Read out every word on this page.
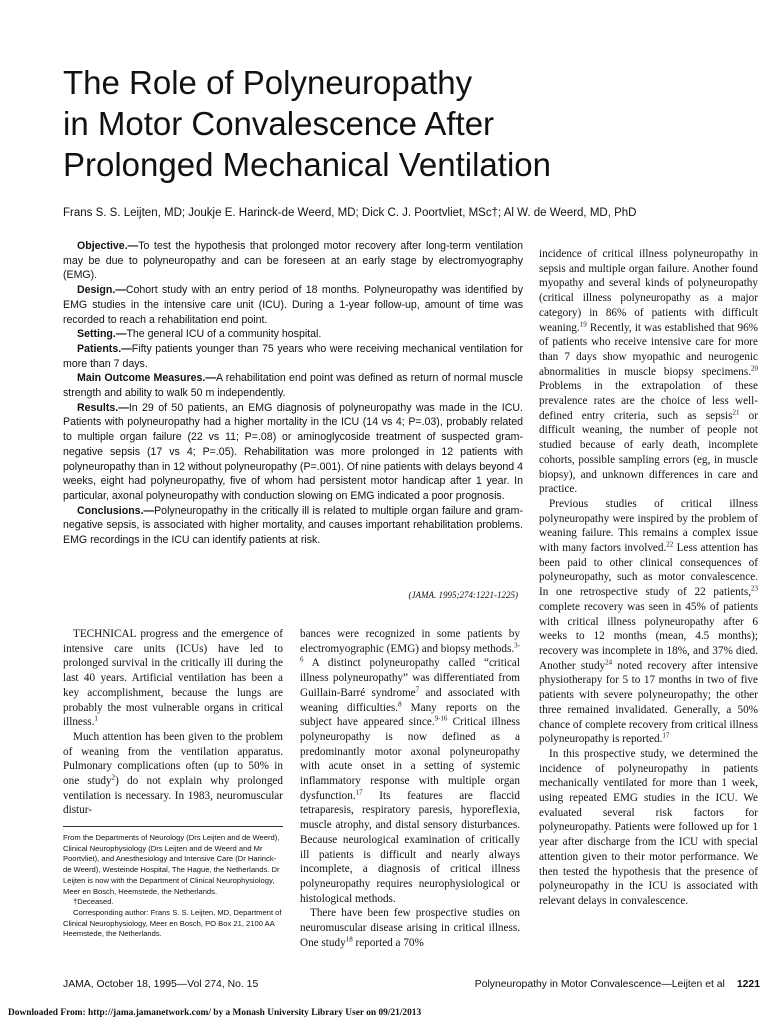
The Role of Polyneuropathy
in Motor Convalescence After
Prolonged Mechanical Ventilation
Frans S. S. Leijten, MD; Joukje E. Harinck-de Weerd, MD; Dick C. J. Poortvliet, MSc†; Al W. de Weerd, MD, PhD

Objective.—To test the hypothesis that prolonged motor recovery after long-term ventilation may be due to polyneuropathy and can be foreseen at an early stage by electromyography (EMG).

Design.—Cohort study with an entry period of 18 months. Polyneuropathy was identified by EMG studies in the intensive care unit (ICU). During a 1-year follow-up, amount of time was recorded to reach a rehabilitation end point.

Setting.—The general ICU of a community hospital.

Patients.—Fifty patients younger than 75 years who were receiving mechanical ventilation for more than 7 days.

Main Outcome Measures.—A rehabilitation end point was defined as return of normal muscle strength and ability to walk 50 m independently.

Results.—In 29 of 50 patients, an EMG diagnosis of polyneuropathy was made in the ICU. Patients with polyneuropathy had a higher mortality in the ICU (14 vs 4; P=.03), probably related to multiple organ failure (22 vs 11; P=.08) or aminoglycoside treatment of suspected gram-negative sepsis (17 vs 4; P=.05). Rehabilitation was more prolonged in 12 patients with polyneuropathy than in 12 without polyneuropathy (P=.001). Of nine patients with delays beyond 4 weeks, eight had polyneuropathy, five of whom had persistent motor handicap after 1 year. In particular, axonal polyneuropathy with conduction slowing on EMG indicated a poor prognosis.

Conclusions.—Polyneuropathy in the critically ill is related to multiple organ failure and gram-negative sepsis, is associated with higher mortality, and causes important rehabilitation problems. EMG recordings in the ICU can identify patients at risk.

(JAMA. 1995;274:1221-1225)

TECHNICAL progress and the emergence of intensive care units (ICUs) have led to prolonged survival in the critically ill during the last 40 years. Artificial ventilation has been a key accomplishment, because the lungs are probably the most vulnerable organs in critical illness.$^1$

Much attention has been given to the problem of weaning from the ventilation apparatus. Pulmonary complications often (up to 50% in one study$^2$) do not explain why prolonged ventilation is necessary. In 1983, neuromuscular distur-

From the Departments of Neurology (Drs Leijten and de Weerd), Clinical Neurophysiology (Drs Leijten and de Weerd and Mr Poortvliet), and Anesthesiology and Intensive Care (Dr Harinck-de Weerd), Westeinde Hospital, The Hague, the Netherlands. Dr Leijten is now with the Department of Clinical Neurophysiology, Meer en Bosch, Heemstede, the Netherlands.

†Deceased.

Corresponding author: Frans S. S. Leijten, MD, Department of Clinical Neurophysiology, Meer en Bosch, PO Box 21, 2100 AA Heemstede, the Netherlands.

bances were recognized in some patients by electromyographic (EMG) and biopsy methods.$^{3-6}$ A distinct polyneuropathy called “critical illness polyneuropathy” was differentiated from Guillain-Barré syndrome$^7$ and associated with weaning difficulties.$^8$ Many reports on the subject have appeared since.$^{9-16}$ Critical illness polyneuropathy is now defined as a predominantly motor axonal polyneuropathy with acute onset in a setting of systemic inflammatory response with multiple organ dysfunction.$^{17}$ Its features are flaccid tetraparesis, respiratory paresis, hyporeflexia, muscle atrophy, and distal sensory disturbances. Because neurological examination of critically ill patients is difficult and nearly always incomplete, a diagnosis of critical illness polyneuropathy requires neurophysiological or histological methods.

There have been few prospective studies on neuromuscular disease arising in critical illness. One study$^{18}$ reported a 70%

incidence of critical illness polyneuropathy in sepsis and multiple organ failure. Another found myopathy and several kinds of polyneuropathy (critical illness polyneuropathy as a major category) in 86% of patients with difficult weaning.$^{19}$ Recently, it was established that 96% of patients who receive intensive care for more than 7 days show myopathic and neurogenic abnormalities in muscle biopsy specimens.$^{20}$ Problems in the extrapolation of these prevalence rates are the choice of less well-defined entry criteria, such as sepsis$^{21}$ or difficult weaning, the number of people not studied because of early death, incomplete cohorts, possible sampling errors (eg, in muscle biopsy), and unknown differences in care and practice.

Previous studies of critical illness polyneuropathy were inspired by the problem of weaning failure. This remains a complex issue with many factors involved.$^{22}$ Less attention has been paid to other clinical consequences of polyneuropathy, such as motor convalescence. In one retrospective study of 22 patients,$^{23}$ complete recovery was seen in 45% of patients with critical illness polyneuropathy after 6 weeks to 12 months (mean, 4.5 months); recovery was incomplete in 18%, and 37% died. Another study$^{24}$ noted recovery after intensive physiotherapy for 5 to 17 months in two of five patients with severe polyneuropathy; the other three remained invalidated. Generally, a 50% chance of complete recovery from critical illness polyneuropathy is reported.$^{17}$

In this prospective study, we determined the incidence of polyneuropathy in patients mechanically ventilated for more than 1 week, using repeated EMG studies in the ICU. We evaluated several risk factors for polyneuropathy. Patients were followed up for 1 year after discharge from the ICU with special attention given to their motor performance. We then tested the hypothesis that the presence of polyneuropathy in the ICU is associated with relevant delays in convalescence.

JAMA, October 18, 1995—Vol 274, No. 15	Polyneuropathy in Motor Convalescence—Leijten et al 1221
Downloaded From: http://jama.jamanetwork.com/ by a Monash University Library User on 09/21/2013
